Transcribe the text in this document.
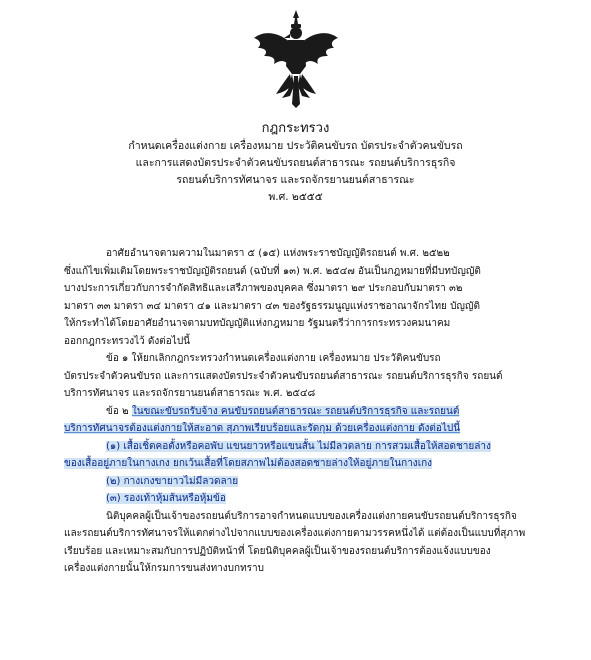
กฎกระทรวง
กำหนดเครื่องแต่งกาย เครื่องหมาย ประวัติคนขับรถ บัตรประจำตัวคนขับรถ
และการแสดงบัตรประจำตัวคนขับรถยนต์สาธารณะ รถยนต์บริการธุรกิจ
รถยนต์บริการทัศนาจร และรถจักรยานยนต์สาธารณะ
พ.ศ. ๒๕๕๕
อาศัยอำนาจตามความในมาตรา ๕ (๑๕) แห่งพระราชบัญญัติรถยนต์ พ.ศ. ๒๕๒๒
ซึ่งแก้ไขเพิ่มเติมโดยพระราชบัญญัติรถยนต์ (ฉบับที่ ๑๓) พ.ศ. ๒๕๔๗ อันเป็นกฎหมายที่มีบทบัญญัติ
บางประการเกี่ยวกับการจำกัดสิทธิและเสรีภาพของบุคคล ซึ่งมาตรา ๒๙ ประกอบกับมาตรา ๓๒
มาตรา ๓๓ มาตรา ๓๔ มาตรา ๔๑ และมาตรา ๔๓ ของรัฐธรรมนูญแห่งราชอาณาจักรไทย บัญญัติ
ให้กระทำได้โดยอาศัยอำนาจตามบทบัญญัติแห่งกฎหมาย รัฐมนตรีว่าการกระทรวงคมนาคม
ออกกฎกระทรวงไว้ ดังต่อไปนี้
ข้อ ๑ ให้ยกเลิกกฎกระทรวงกำหนดเครื่องแต่งกาย เครื่องหมาย ประวัติคนขับรถ
บัตรประจำตัวคนขับรถ และการแสดงบัตรประจำตัวคนขับรถยนต์สาธารณะ รถยนต์บริการธุรกิจ รถยนต์
บริการทัศนาจร และรถจักรยานยนต์สาธารณะ พ.ศ. ๒๕๔๘
ข้อ ๒ ในขณะขับรถรับจ้าง คนขับรถยนต์สาธารณะ รถยนต์บริการธุรกิจ และรถยนต์
บริการทัศนาจรต้องแต่งกายให้สะอาด สุภาพเรียบร้อยและรัดกุม ด้วยเครื่องแต่งกาย ดังต่อไปนี้
(๑) เสื้อเชิ้ตคอตั้งหรือคอพับ แขนยาวหรือแขนสั้น ไม่มีลวดลาย การสวมเสื้อให้สอดชายล่าง
ของเสื้ออยู่ภายในกางเกง ยกเว้นเสื้อที่โดยสภาพไม่ต้องสอดชายล่างให้อยู่ภายในกางเกง
(๒) กางเกงขายาวไม่มีลวดลาย
(๓) รองเท้าหุ้มส้นหรือหุ้มข้อ
นิติบุคคลผู้เป็นเจ้าของรถยนต์บริการอาจกำหนดแบบของเครื่องแต่งกายคนขับรถยนต์บริการธุรกิจ
และรถยนต์บริการทัศนาจรให้แตกต่างไปจากแบบของเครื่องแต่งกายตามวรรคหนึ่งได้ แต่ต้องเป็นแบบที่สุภาพ
เรียบร้อย และเหมาะสมกับการปฏิบัติหน้าที่ โดยนิติบุคคลผู้เป็นเจ้าของรถยนต์บริการต้องแจ้งแบบของ
เครื่องแต่งกายนั้นให้กรมการขนส่งทางบกทราบ
